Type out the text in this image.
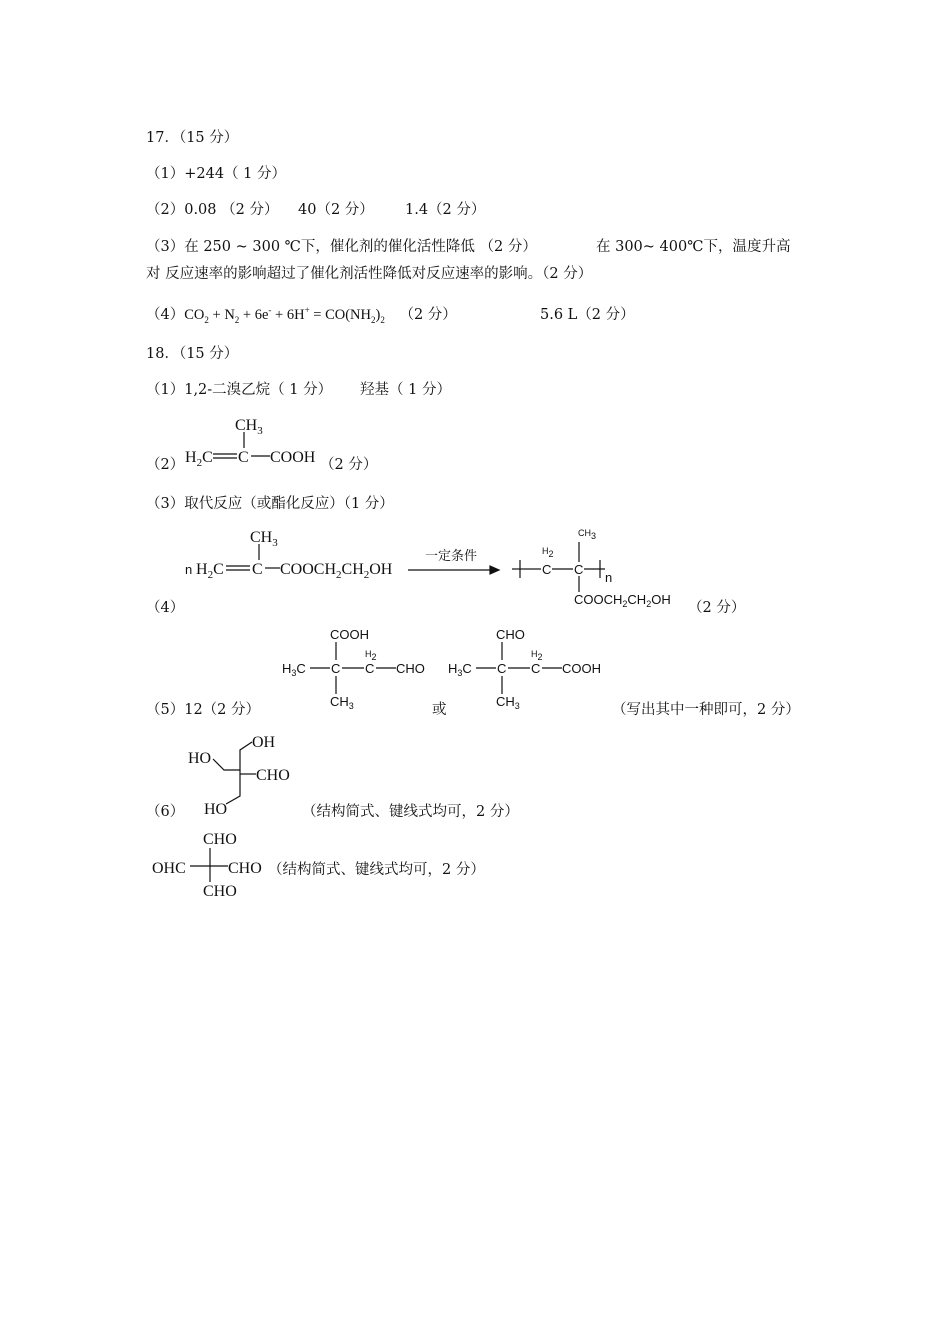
17．（15 分）
（1）+244（ 1 分）
（2）0.08 （2 分） 40（2 分） 1.4（2 分）
（3）在 250 ~ 300 ℃下，催化剂的催化活性降低 （2 分）	在 300~ 400℃下，温度升高
对 反应速率的影响超过了催化剂活性降低对反应速率的影响。（2 分）
$(4)CO_2 + N_2 + 6e^- + 6H^+ = CO(NH_2)_2$ （2 分）	5.6 L（2 分）
18．（15 分）
（1）1,2-二溴乙烷（ 1 分） 羟基（ 1 分）
（2）
$CH_3$
$H_2C$ C COOH （2 分）
（3）取代反应（或酯化反应）（1 分）
（4）
$CH_3$
n $H_2C$ C $COOCH_2CH_2OH$
一定条件	H2
C C
CH3
n
$COOCH_2CH_2OH$
（2 分）
（5）12（2 分）
COOH
$H_3C$ C
H2
C CHO
$CH_3$	或
CHO
$H_3C$ C
H2
C COOH
$CH_3$	（写出其中一种即可，2 分）
（6）
OH
HO
CHO
HO	（结构简式、键线式均可，2 分）
CHO
OHC	CHO
CHO
（结构简式、键线式均可，2 分）
